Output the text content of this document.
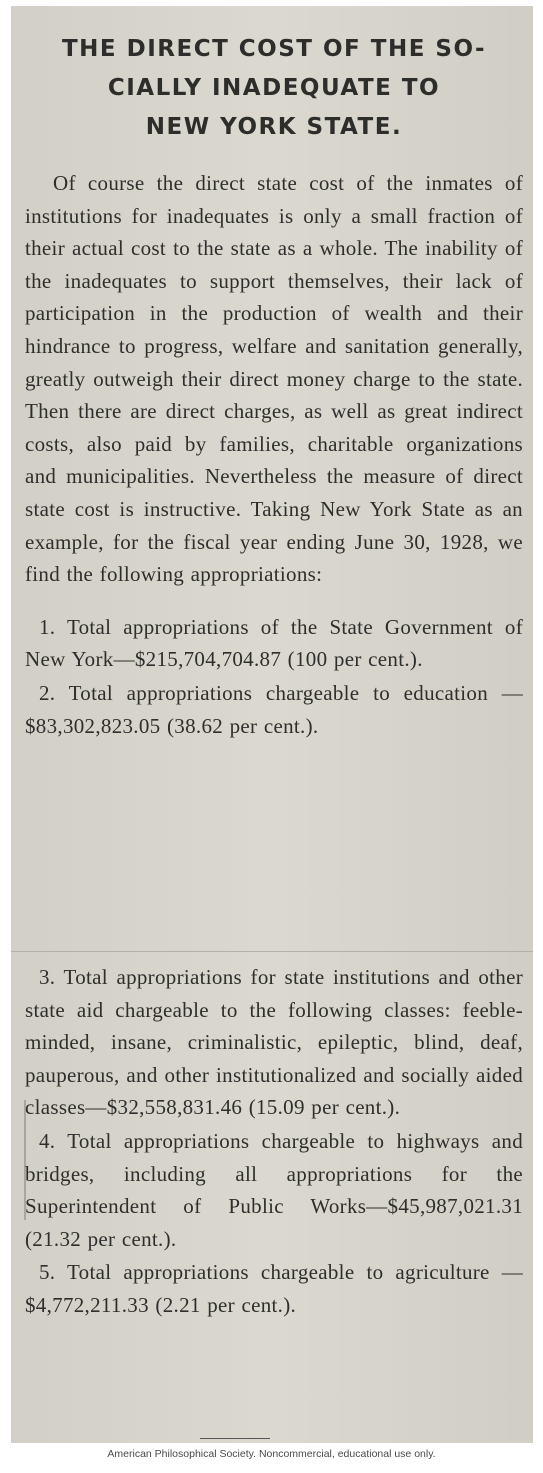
THE DIRECT COST OF THE SO-
CIALLY INADEQUATE TO
NEW YORK STATE.

Of course the direct state cost of the inmates of institutions for inadequates is only a small fraction of their actual cost to the state as a whole. The inability of the inadequates to support themselves, their lack of participation in the production of wealth and their hindrance to progress, welfare and sanitation generally, greatly outweigh their direct money charge to the state. Then there are direct charges, as well as great indirect costs, also paid by families, charitable organizations and municipalities. Nevertheless the measure of direct state cost is instructive. Taking New York State as an example, for the fiscal year ending June 30, 1928, we find the following appropriations:

1. Total appropriations of the State Government of New York—$215,704,704.87 (100 per cent.).

2. Total appropriations chargeable to education — $83,302,823.05 (38.62 per cent.).

3. Total appropriations for state institutions and other state aid chargeable to the following classes: feeble-minded, insane, criminalistic, epileptic, blind, deaf, pauperous, and other institutionalized and socially aided classes—$32,558,831.46 (15.09 per cent.).

4. Total appropriations chargeable to highways and bridges, including all appropriations for the Superintendent of Public Works—$45,987,021.31 (21.32 per cent.).

5. Total appropriations chargeable to agriculture — $4,772,211.33 (2.21 per cent.).

American Philosophical Society. Noncommercial, educational use only.
